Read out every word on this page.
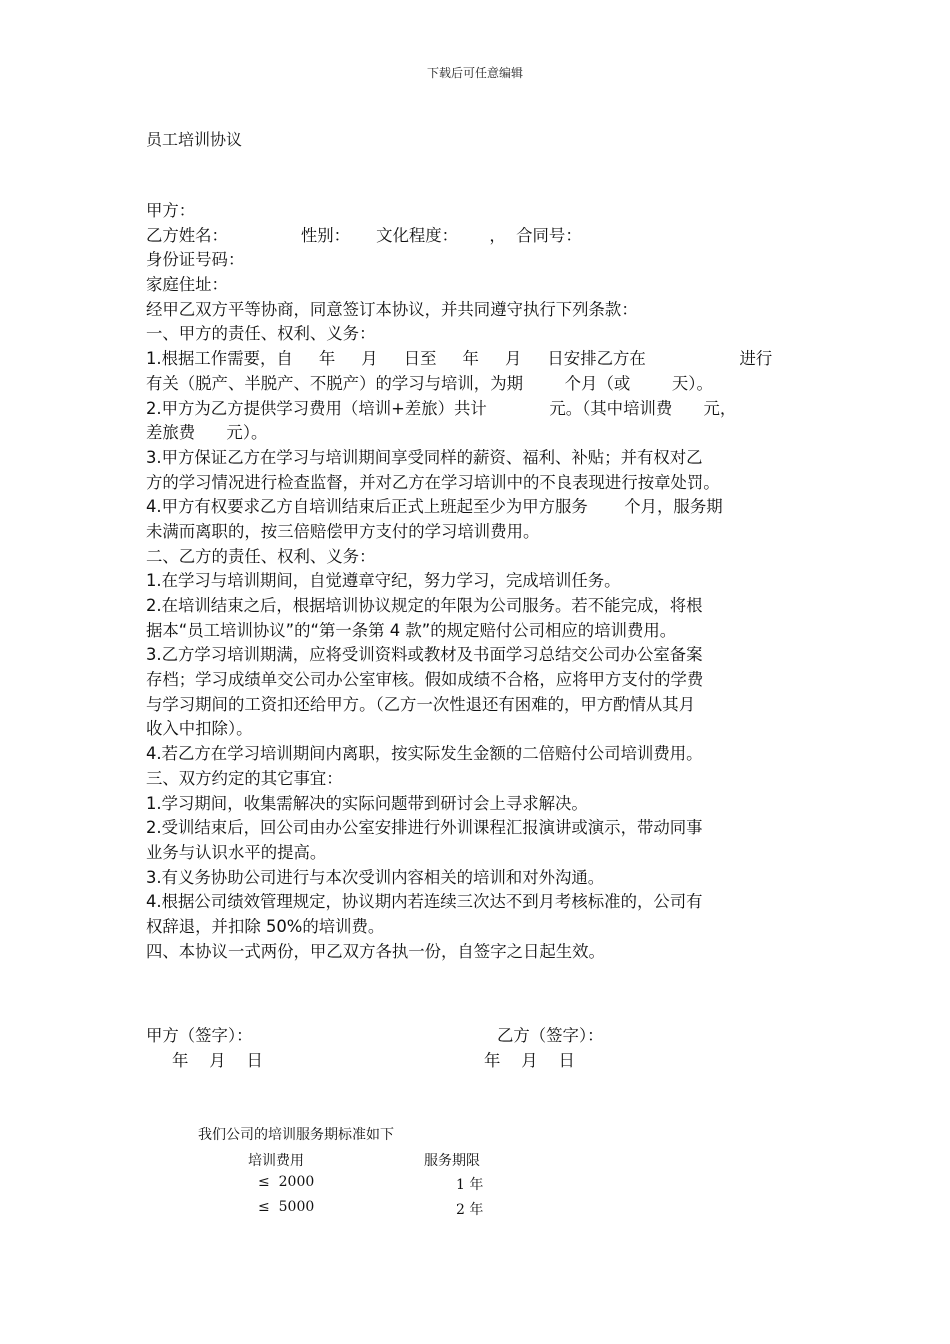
下载后可任意编辑
员工培训协议
甲方：
乙方姓名：              性别：     文化程度：      ，  合同号：
身份证号码：
家庭住址：
经甲乙双方平等协商，同意签订本协议，并共同遵守执行下列条款：
一、甲方的责任、权利、义务：
1.根据工作需要，自     年     月     日至     年     月     日安排乙方在                  进行
有关（脱产、半脱产、不脱产）的学习与培训，为期        个月（或        天）。
2.甲方为乙方提供学习费用（培训+差旅）共计            元。（其中培训费      元，
差旅费      元）。
3.甲方保证乙方在学习与培训期间享受同样的薪资、福利、补贴；并有权对乙
方的学习情况进行检查监督，并对乙方在学习培训中的不良表现进行按章处罚。
4.甲方有权要求乙方自培训结束后正式上班起至少为甲方服务       个月，服务期
未满而离职的，按三倍赔偿甲方支付的学习培训费用。
二、乙方的责任、权利、义务：
1.在学习与培训期间，自觉遵章守纪，努力学习，完成培训任务。
2.在培训结束之后，根据培训协议规定的年限为公司服务。若不能完成，将根
据本“员工培训协议”的“第一条第 4 款”的规定赔付公司相应的培训费用。
3.乙方学习培训期满，应将受训资料或教材及书面学习总结交公司办公室备案
存档；学习成绩单交公司办公室审核。假如成绩不合格，应将甲方支付的学费
与学习期间的工资扣还给甲方。（乙方一次性退还有困难的，甲方酌情从其月
收入中扣除）。
4.若乙方在学习培训期间内离职，按实际发生金额的二倍赔付公司培训费用。
三、双方约定的其它事宜：
1.学习期间，收集需解决的实际问题带到研讨会上寻求解决。
2.受训结束后，回公司由办公室安排进行外训课程汇报演讲或演示，带动同事
业务与认识水平的提高。
3.有义务协助公司进行与本次受训内容相关的培训和对外沟通。
4.根据公司绩效管理规定，协议期内若连续三次达不到月考核标准的，公司有
权辞退，并扣除 50%的培训费。
四、本协议一式两份，甲乙双方各执一份，自签字之日起生效。
甲方（签字）：	乙方（签字）：
年    月    日	年    月    日
我们公司的培训服务期标准如下
培训费用	服务期限
≤  2000	1 年
≤  5000	2 年
